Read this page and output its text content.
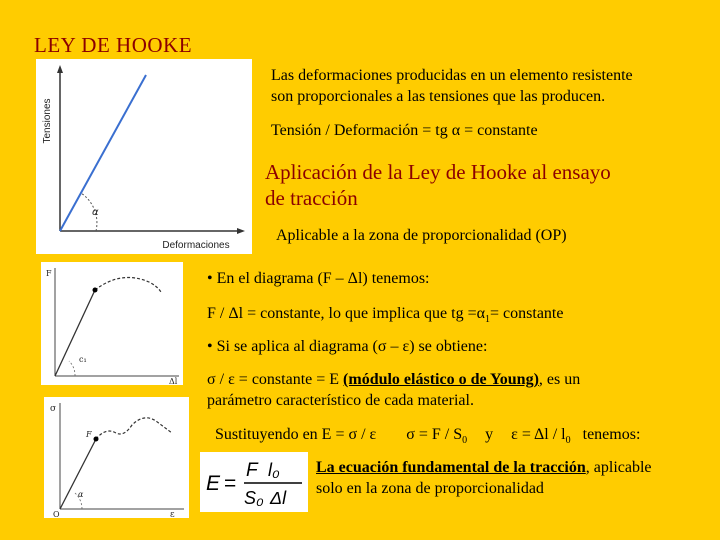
LEY DE HOOKE
α
Tensiones
Deformaciones
Las deformaciones producidas en un elemento resistente
son proporcionales a las tensiones que las producen.
Tensión / Deformación = tg α = constante
Aplicación de la Ley de Hooke al ensayo
de tracción
Aplicable a la zona de proporcionalidad (OP)
F
Δl
c₁
• En el diagrama (F – Δl) tenemos:
F / Δl = constante, lo que implica que tg $=\alpha_1=$ constante
• Si se aplica al diagrama (σ – ε) se obtiene:
σ / ε = constante = E (módulo elástico o de Young), es un
parámetro característico de cada material.
σ
ε
F
α
O
Sustituyendo en E = σ / ε $\sigma = F / S_0$ y $\varepsilon = \Delta l / l_0$ tenemos:
E =
F l₀
S₀ Δl
La ecuación fundamental de la tracción, aplicable
solo en la zona de proporcionalidad
